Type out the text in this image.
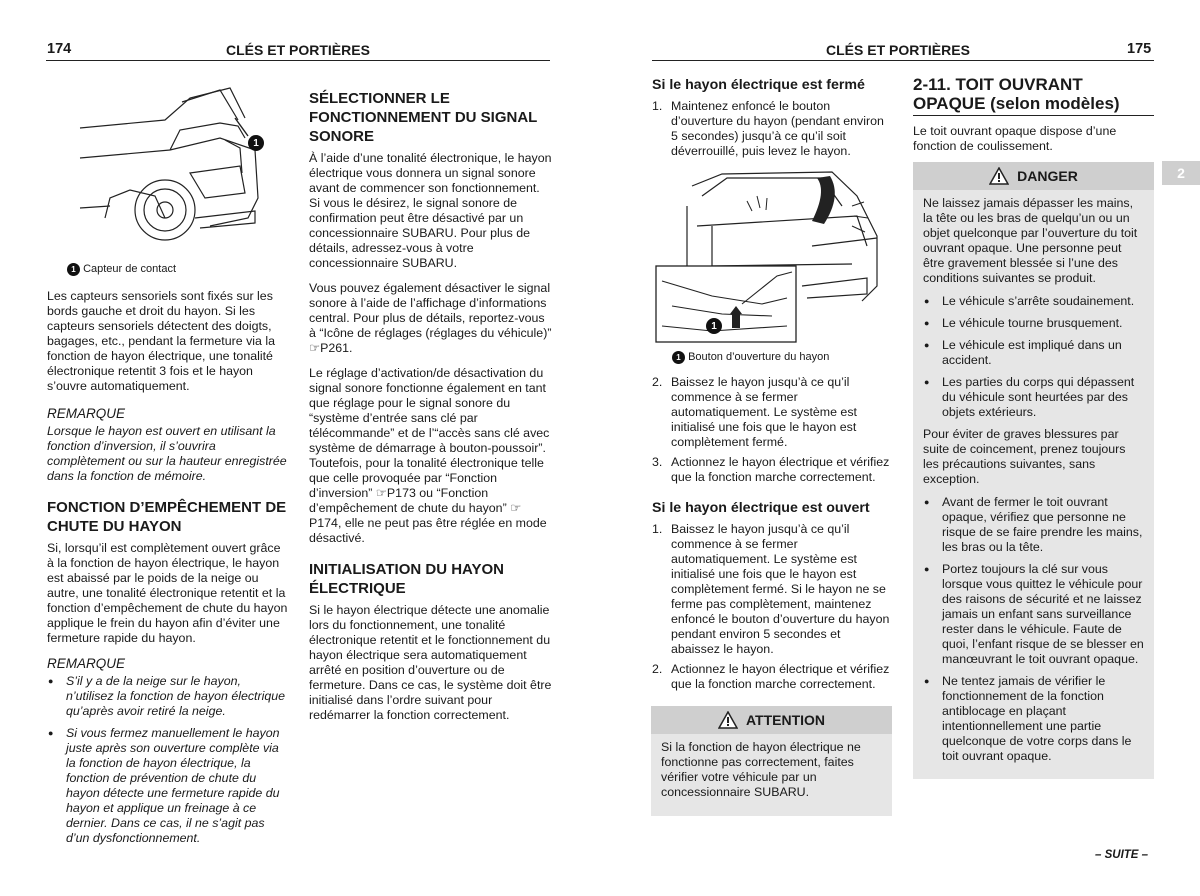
174	CLÉS ET PORTIÈRES	CLÉS ET PORTIÈRES	175
2
1
1 Capteur de contact

Les capteurs sensoriels sont fixés sur les bords gauche et droit du hayon. Si les capteurs sensoriels détectent des doigts, bagages, etc., pendant la fermeture via la fonction de hayon électrique, une tonalité électronique retentit 3 fois et le hayon s’ouvre automatiquement.

REMARQUE

Lorsque le hayon est ouvert en utilisant la fonction d’inversion, il s’ouvrira complètement ou sur la hauteur enregistrée dans la fonction de mémoire.

FONCTION D’EMPÊCHEMENT DE CHUTE DU HAYON

Si, lorsqu’il est complètement ouvert grâce à la fonction de hayon électrique, le hayon est abaissé par le poids de la neige ou autre, une tonalité électronique retentit et la fonction d’empêchement de chute du hayon applique le frein du hayon afin d’éviter une fermeture rapide du hayon.

REMARQUE
● S’il y a de la neige sur le hayon, n’utilisez la fonction de hayon électrique qu’après avoir retiré la neige.
● Si vous fermez manuellement le hayon juste après son ouverture complète via la fonction de hayon électrique, la fonction de prévention de chute du hayon détecte une fermeture rapide du hayon et applique un freinage à ce dernier. Dans ce cas, il ne s’agit pas d’un dysfonctionnement.
SÉLECTIONNER LE FONCTIONNEMENT DU SIGNAL SONORE

À l’aide d’une tonalité électronique, le hayon électrique vous donnera un signal sonore avant de commencer son fonctionnement. Si vous le désirez, le signal sonore de confirmation peut être désactivé par un concessionnaire SUBARU. Pour plus de détails, adressez-vous à votre concessionnaire SUBARU.

Vous pouvez également désactiver le signal sonore à l’aide de l’affichage d’informations central. Pour plus de détails, reportez-vous à “Icône de réglages (réglages du véhicule)” ☞P261.

Le réglage d’activation/de désactivation du signal sonore fonctionne également en tant que réglage pour le signal sonore du “système d’entrée sans clé par télécommande” et de l’“accès sans clé avec système de démarrage à bouton-poussoir”. Toutefois, pour la tonalité électronique telle que celle provoquée par “Fonction d’inversion” ☞P173 ou “Fonction d’empêchement de chute du hayon” ☞P174, elle ne peut pas être réglée en mode désactivé.

INITIALISATION DU HAYON ÉLECTRIQUE

Si le hayon électrique détecte une anomalie lors du fonctionnement, une tonalité électronique retentit et le fonctionnement du hayon électrique sera automatiquement arrêté en position d’ouverture ou de fermeture. Dans ce cas, le système doit être initialisé dans l’ordre suivant pour redémarrer la fonction correctement.

Si le hayon électrique est fermé
1. Maintenez enfoncé le bouton d’ouverture du hayon (pendant environ 5 secondes) jusqu’à ce qu’il soit déverrouillé, puis levez le hayon.
1
1 Bouton d’ouverture du hayon
2. Baissez le hayon jusqu’à ce qu’il commence à se fermer automatiquement. Le système est initialisé une fois que le hayon est complètement fermé.
3. Actionnez le hayon électrique et vérifiez que la fonction marche correctement.
Si le hayon électrique est ouvert
1. Baissez le hayon jusqu’à ce qu’il commence à se fermer automatiquement. Le système est initialisé une fois que le hayon est complètement fermé. Si le hayon ne se ferme pas complètement, maintenez enfoncé le bouton d’ouverture du hayon pendant environ 5 secondes et abaissez le hayon.
2. Actionnez le hayon électrique et vérifiez que la fonction marche correctement.
ATTENTION

Si la fonction de hayon électrique ne fonctionne pas correctement, faites vérifier votre véhicule par un concessionnaire SUBARU.

2-11. TOIT OUVRANT OPAQUE (selon modèles)

Le toit ouvrant opaque dispose d’une fonction de coulissement.

DANGER

Ne laissez jamais dépasser les mains, la tête ou les bras de quelqu’un ou un objet quelconque par l’ouverture du toit ouvrant opaque. Une personne peut être gravement blessée si l’une des conditions suivantes se produit.

● Le véhicule s’arrête soudainement.
● Le véhicule tourne brusquement.
● Le véhicule est impliqué dans un accident.
● Les parties du corps qui dépassent du véhicule sont heurtées par des objets extérieurs.

Pour éviter de graves blessures par suite de coincement, prenez toujours les précautions suivantes, sans exception.

● Avant de fermer le toit ouvrant opaque, vérifiez que personne ne risque de se faire prendre les mains, les bras ou la tête.
● Portez toujours la clé sur vous lorsque vous quittez le véhicule pour des raisons de sécurité et ne laissez jamais un enfant sans surveillance rester dans le véhicule. Faute de quoi, l’enfant risque de se blesser en manœuvrant le toit ouvrant opaque.
● Ne tentez jamais de vérifier le fonctionnement de la fonction antiblocage en plaçant intentionnellement une partie quelconque de votre corps dans le toit ouvrant opaque.
– SUITE –
